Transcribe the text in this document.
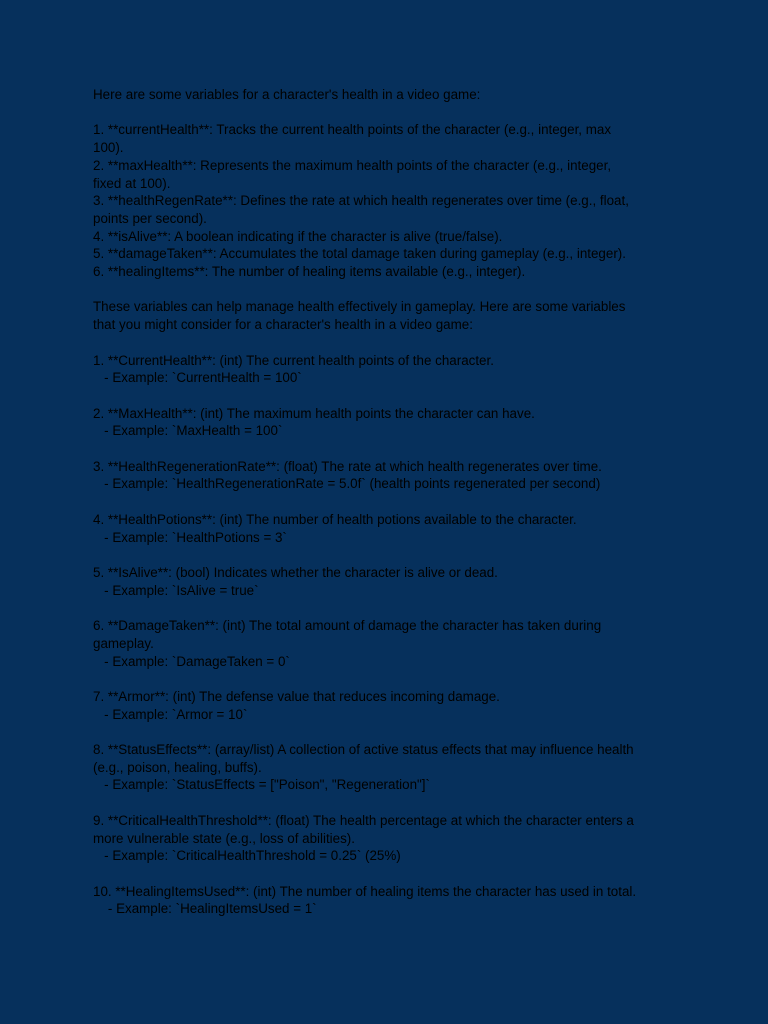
Here are some variables for a character's health in a video game:

1. **currentHealth**: Tracks the current health points of the character (e.g., integer, max
100).
2. **maxHealth**: Represents the maximum health points of the character (e.g., integer,
fixed at 100).
3. **healthRegenRate**: Defines the rate at which health regenerates over time (e.g., float,
points per second).
4. **isAlive**: A boolean indicating if the character is alive (true/false).
5. **damageTaken**: Accumulates the total damage taken during gameplay (e.g., integer).
6. **healingItems**: The number of healing items available (e.g., integer).

These variables can help manage health effectively in gameplay. Here are some variables
that you might consider for a character's health in a video game:

1. **CurrentHealth**: (int) The current health points of the character.
- Example: `CurrentHealth = 100`

2. **MaxHealth**: (int) The maximum health points the character can have.
- Example: `MaxHealth = 100`

3. **HealthRegenerationRate**: (float) The rate at which health regenerates over time.
- Example: `HealthRegenerationRate = 5.0f` (health points regenerated per second)

4. **HealthPotions**: (int) The number of health potions available to the character.
- Example: `HealthPotions = 3`

5. **IsAlive**: (bool) Indicates whether the character is alive or dead.
- Example: `IsAlive = true`

6. **DamageTaken**: (int) The total amount of damage the character has taken during
gameplay.
- Example: `DamageTaken = 0`

7. **Armor**: (int) The defense value that reduces incoming damage.
- Example: `Armor = 10`

8. **StatusEffects**: (array/list) A collection of active status effects that may influence health
(e.g., poison, healing, buffs).
- Example: `StatusEffects = ["Poison", "Regeneration"]`

9. **CriticalHealthThreshold**: (float) The health percentage at which the character enters a
more vulnerable state (e.g., loss of abilities).
- Example: `CriticalHealthThreshold = 0.25` (25%)

10. **HealingItemsUsed**: (int) The number of healing items the character has used in total.
- Example: `HealingItemsUsed = 1`
